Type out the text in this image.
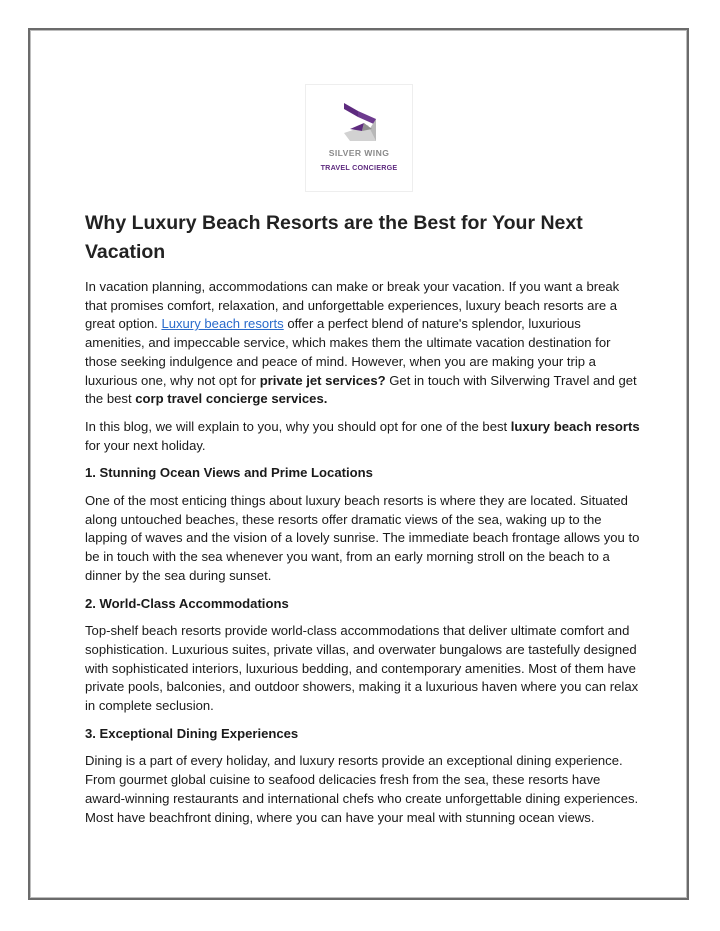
SILVER WING
TRAVEL CONCIERGE
Why Luxury Beach Resorts are the Best for Your Next Vacation

In vacation planning, accommodations can make or break your vacation. If you want a break that promises comfort, relaxation, and unforgettable experiences, luxury beach resorts are a great option. Luxury beach resorts offer a perfect blend of nature's splendor, luxurious amenities, and impeccable service, which makes them the ultimate vacation destination for those seeking indulgence and peace of mind. However, when you are making your trip a luxurious one, why not opt for private jet services? Get in touch with Silverwing Travel and get the best corp travel concierge services.

In this blog, we will explain to you, why you should opt for one of the best luxury beach resorts for your next holiday.

1. Stunning Ocean Views and Prime Locations

One of the most enticing things about luxury beach resorts is where they are located. Situated along untouched beaches, these resorts offer dramatic views of the sea, waking up to the lapping of waves and the vision of a lovely sunrise. The immediate beach frontage allows you to be in touch with the sea whenever you want, from an early morning stroll on the beach to a dinner by the sea during sunset.

2. World-Class Accommodations

Top-shelf beach resorts provide world-class accommodations that deliver ultimate comfort and sophistication. Luxurious suites, private villas, and overwater bungalows are tastefully designed with sophisticated interiors, luxurious bedding, and contemporary amenities. Most of them have private pools, balconies, and outdoor showers, making it a luxurious haven where you can relax in complete seclusion.

3. Exceptional Dining Experiences

Dining is a part of every holiday, and luxury resorts provide an exceptional dining experience. From gourmet global cuisine to seafood delicacies fresh from the sea, these resorts have award-winning restaurants and international chefs who create unforgettable dining experiences. Most have beachfront dining, where you can have your meal with stunning ocean views.
